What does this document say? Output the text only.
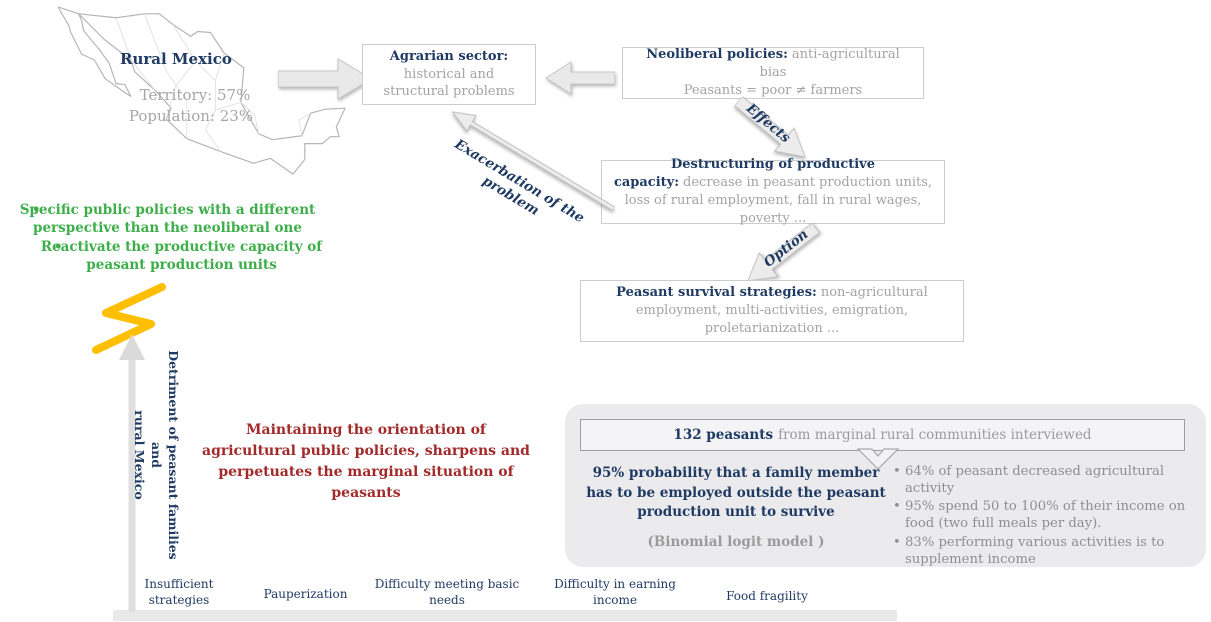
Rural Mexico
Territory: 57%
Population: 23%
Agrarian sector:
historical and structural problems
Neoliberal policies: anti-agricultural bias
Peasants = poor ≠ farmers
Effects
Destructuring of productive capacity: decrease in peasant production units, loss of rural employment, fall in rural wages, poverty ...
Exacerbation of the problem
Option
Peasant survival strategies: non-agricultural employment, multi-activities, emigration, proletarianization ...
• Specific public policies with a different perspective than the neoliberal one
• Reactivate the productive capacity of peasant production units
Detriment of peasant families and
rural Mexico	Maintaining the orientation of agricultural public policies, sharpens and perpetuates the marginal situation of peasants
132 peasants from marginal rural communities interviewed
95% probability that a family member has to be employed outside the peasant production unit to survive
(Binomial logit model )
• 64% of peasant decreased agricultural activity
• 95% spend 50 to 100% of their income on food (two full meals per day).
• 83% performing various activities is to supplement income
Insufficient strategies	Pauperization
Difficulty meeting basic needs
Difficulty in earning income	Food fragility
